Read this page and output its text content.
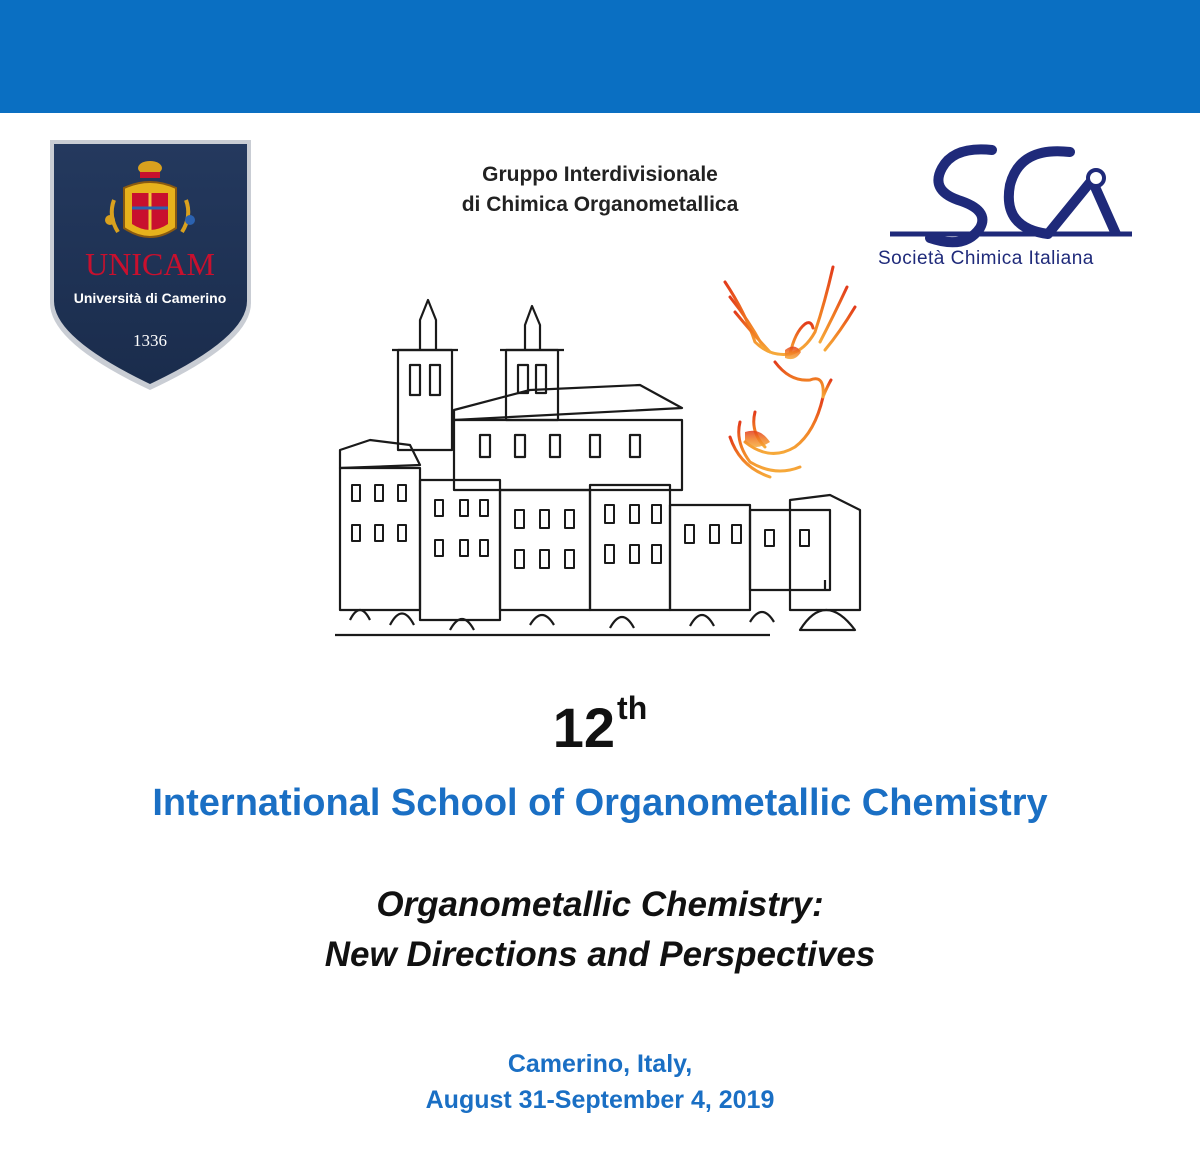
UNICAM
Università di Camerino
1336
Gruppo Interdivisionale
di Chimica Organometallica
Società Chimica Italiana
12th
International School of Organometallic Chemistry
Organometallic Chemistry:
New Directions and Perspectives
Camerino, Italy,
August 31-September 4, 2019
